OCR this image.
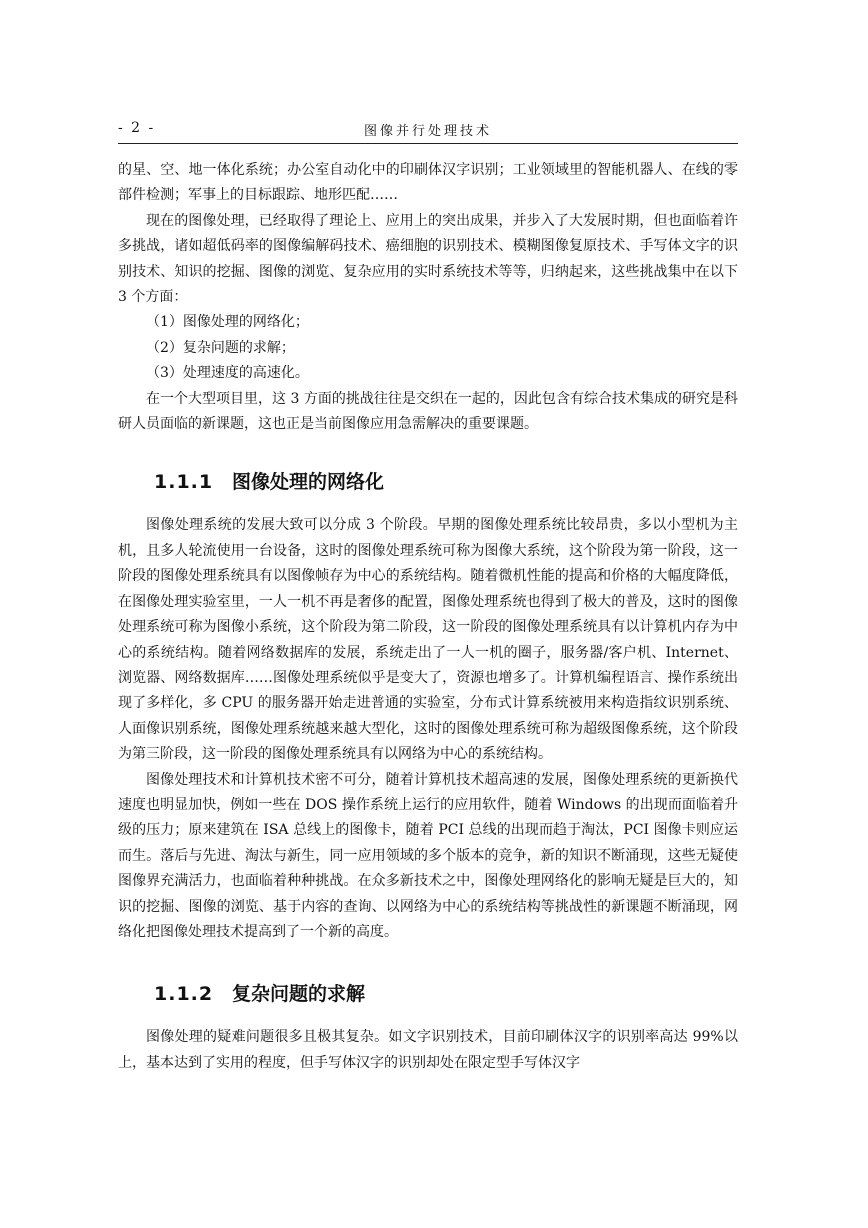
- 2 -	图像并行处理技术

的星、空、地一体化系统；办公室自动化中的印刷体汉字识别；工业领域里的智能机器人、在线的零部件检测；军事上的目标跟踪、地形匹配……

现在的图像处理，已经取得了理论上、应用上的突出成果，并步入了大发展时期，但也面临着许多挑战，诸如超低码率的图像编解码技术、癌细胞的识别技术、模糊图像复原技术、手写体文字的识别技术、知识的挖掘、图像的浏览、复杂应用的实时系统技术等等，归纳起来，这些挑战集中在以下 3 个方面：

（1）图像处理的网络化；
（2）复杂问题的求解；
（3）处理速度的高速化。

在一个大型项目里，这 3 方面的挑战往往是交织在一起的，因此包含有综合技术集成的研究是科研人员面临的新课题，这也正是当前图像应用急需解决的重要课题。

1.1.1 图像处理的网络化

图像处理系统的发展大致可以分成 3 个阶段。早期的图像处理系统比较昂贵，多以小型机为主机，且多人轮流使用一台设备，这时的图像处理系统可称为图像大系统，这个阶段为第一阶段，这一阶段的图像处理系统具有以图像帧存为中心的系统结构。随着微机性能的提高和价格的大幅度降低，在图像处理实验室里，一人一机不再是奢侈的配置，图像处理系统也得到了极大的普及，这时的图像处理系统可称为图像小系统，这个阶段为第二阶段，这一阶段的图像处理系统具有以计算机内存为中心的系统结构。随着网络数据库的发展，系统走出了一人一机的圈子，服务器/客户机、Internet、浏览器、网络数据库……图像处理系统似乎是变大了，资源也增多了。计算机编程语言、操作系统出现了多样化，多 CPU 的服务器开始走进普通的实验室，分布式计算系统被用来构造指纹识别系统、人面像识别系统，图像处理系统越来越大型化，这时的图像处理系统可称为超级图像系统，这个阶段为第三阶段，这一阶段的图像处理系统具有以网络为中心的系统结构。

图像处理技术和计算机技术密不可分，随着计算机技术超高速的发展，图像处理系统的更新换代速度也明显加快，例如一些在 DOS 操作系统上运行的应用软件，随着 Windows 的出现而面临着升级的压力；原来建筑在 ISA 总线上的图像卡，随着 PCI 总线的出现而趋于淘汰，PCI 图像卡则应运而生。落后与先进、淘汰与新生，同一应用领域的多个版本的竞争，新的知识不断涌现，这些无疑使图像界充满活力，也面临着种种挑战。在众多新技术之中，图像处理网络化的影响无疑是巨大的，知识的挖掘、图像的浏览、基于内容的查询、以网络为中心的系统结构等挑战性的新课题不断涌现，网络化把图像处理技术提高到了一个新的高度。

1.1.2 复杂问题的求解

图像处理的疑难问题很多且极其复杂。如文字识别技术，目前印刷体汉字的识别率高达 99%以上，基本达到了实用的程度，但手写体汉字的识别却处在限定型手写体汉字
